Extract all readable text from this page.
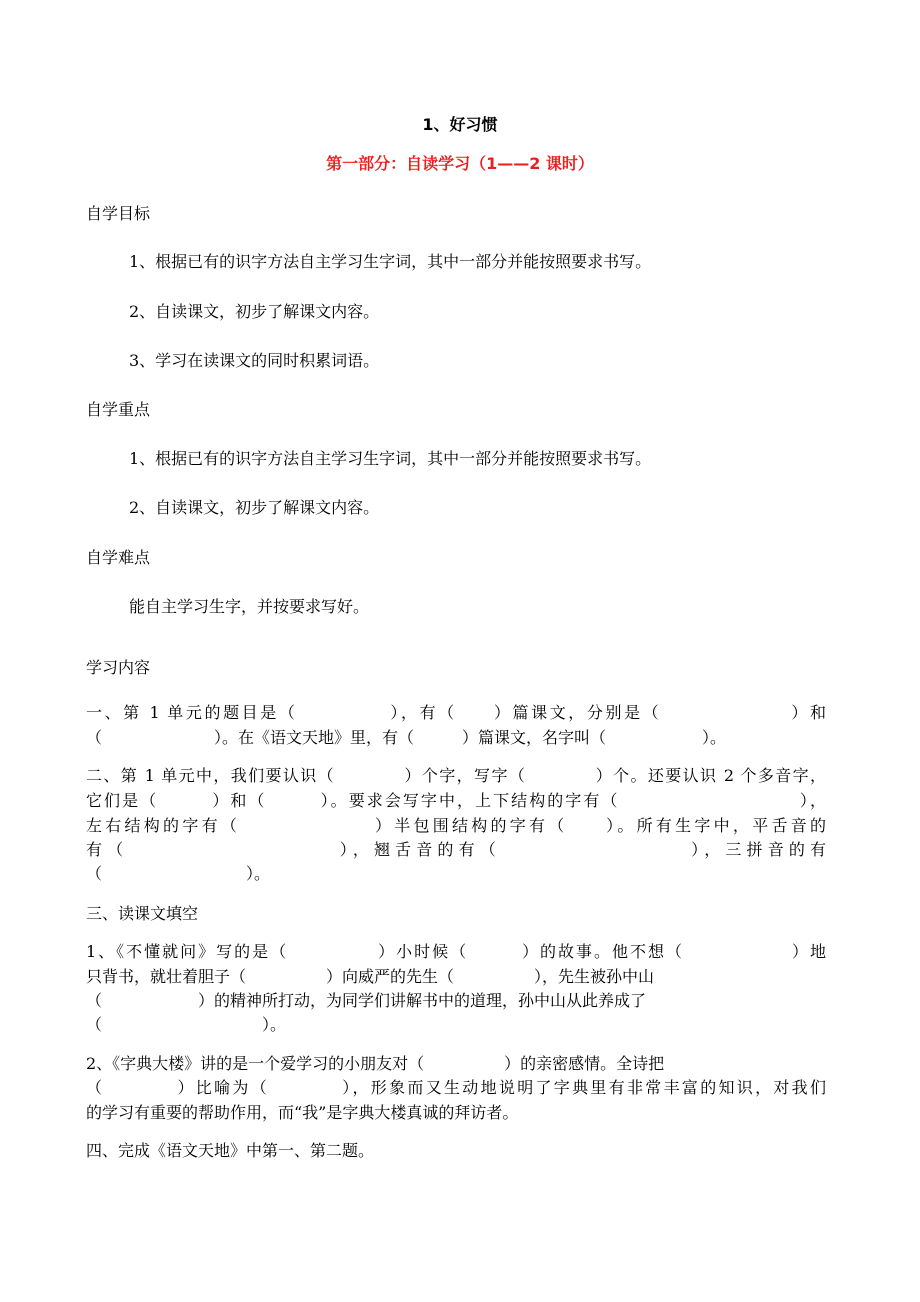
1、好习惯
第一部分：自读学习（1——2 课时）
自学目标
1、根据已有的识字方法自主学习生字词，其中一部分并能按照要求书写。
2、自读课文，初步了解课文内容。
3、学习在读课文的同时积累词语。
自学重点
1、根据已有的识字方法自主学习生字词，其中一部分并能按照要求书写。
2、自读课文，初步了解课文内容。
自学难点
能自主学习生字，并按要求写好。
学习内容
一、第 1 单元的题目是（　　　　　），有（　　）篇课文，分别是（　　　　　　　）和
（　　　　　　　）。在《语文天地》里，有（　　　）篇课文，名字叫（　　　　　　）。
二、第 1 单元中，我们要认识（　　　　）个字，写字（　　　　）个。还要认识 2 个多音字，
它们是（　　　）和（　　　）。要求会写字中，上下结构的字有（　　　　　　　　　　），
左右结构的字有（　　　　　　　）半包围结构的字有（　　）。所有生字中，平舌音的
有（　　　　　　　　　　），翘舌音的有（　　　　　　　　　），三拼音的有
（　　　　　　　　　）。
三、读课文填空
1、《不懂就问》写的是（　　　　　）小时候（　　　）的故事。他不想（　　　　　　）地
只背书，就壮着胆子（　　　　　）向威严的先生（　　　　　），先生被孙中山
（　　　　　　）的精神所打动，为同学们讲解书中的道理，孙中山从此养成了
（　　　　　　　　　　）。
2、《字典大楼》讲的是一个爱学习的小朋友对（　　　　　）的亲密感情。全诗把
（　　　　）比喻为（　　　　），形象而又生动地说明了字典里有非常丰富的知识，对我们
的学习有重要的帮助作用，而“我”是字典大楼真诚的拜访者。
四、完成《语文天地》中第一、第二题。
